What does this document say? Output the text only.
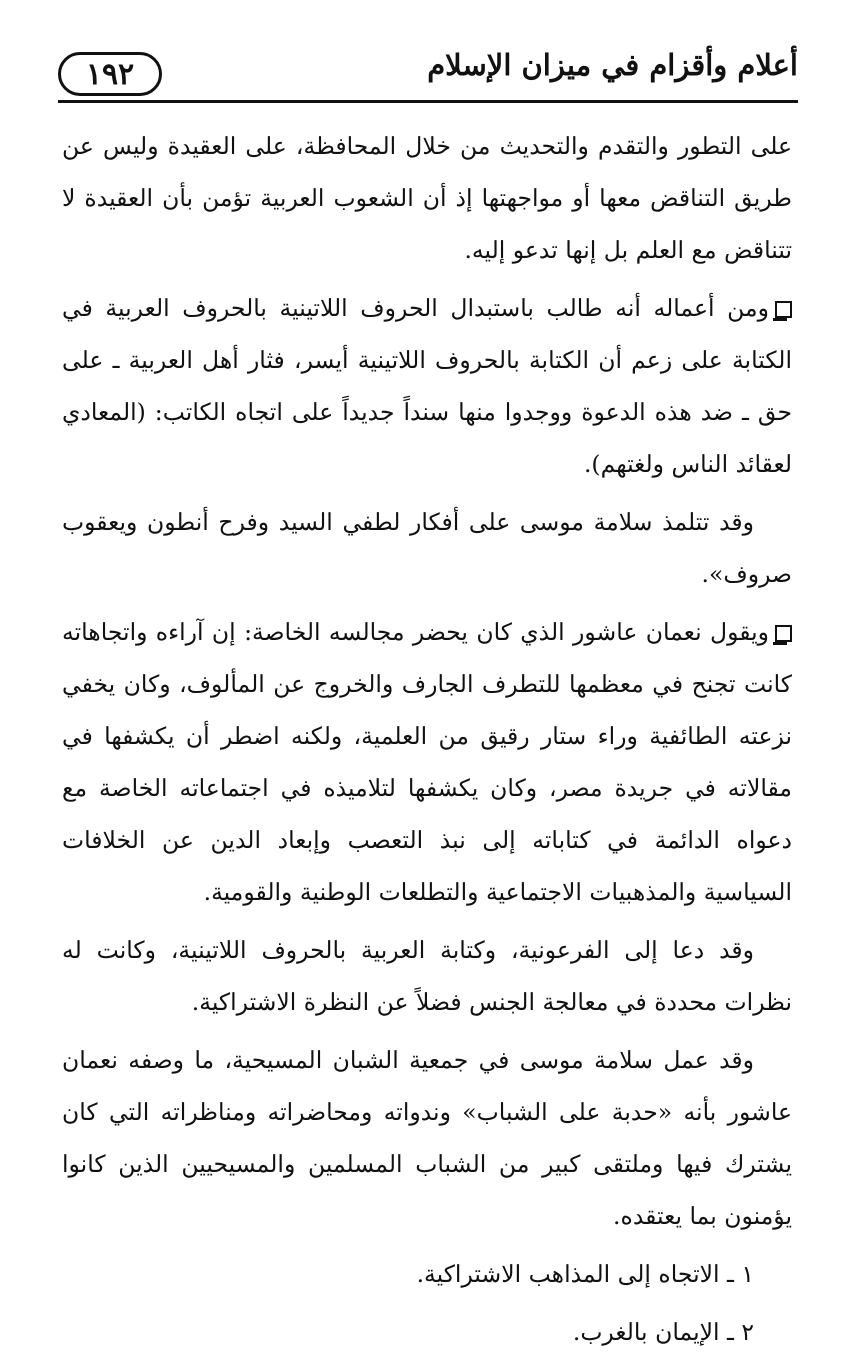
أعلام وأقزام في ميزان الإسلام
١٩٢

على التطور والتقدم والتحديث من خلال المحافظة، على العقيدة وليس عن طريق التناقض معها أو مواجهتها إذ أن الشعوب العربية تؤمن بأن العقيدة لا تتناقض مع العلم بل إنها تدعو إليه.

ومن أعماله أنه طالب باستبدال الحروف اللاتينية بالحروف العربية في الكتابة على زعم أن الكتابة بالحروف اللاتينية أيسر، فثار أهل العربية ـ على حق ـ ضد هذه الدعوة ووجدوا منها سنداً جديداً على اتجاه الكاتب: (المعادي لعقائد الناس ولغتهم).

وقد تتلمذ سلامة موسى على أفكار لطفي السيد وفرح أنطون ويعقوب صروف».

ويقول نعمان عاشور الذي كان يحضر مجالسه الخاصة: إن آراءه واتجاهاته كانت تجنح في معظمها للتطرف الجارف والخروج عن المألوف، وكان يخفي نزعته الطائفية وراء ستار رقيق من العلمية، ولكنه اضطر أن يكشفها في مقالاته في جريدة مصر، وكان يكشفها لتلاميذه في اجتماعاته الخاصة مع دعواه الدائمة في كتاباته إلى نبذ التعصب وإبعاد الدين عن الخلافات السياسية والمذهبيات الاجتماعية والتطلعات الوطنية والقومية.

وقد دعا إلى الفرعونية، وكتابة العربية بالحروف اللاتينية، وكانت له نظرات محددة في معالجة الجنس فضلاً عن النظرة الاشتراكية.

وقد عمل سلامة موسى في جمعية الشبان المسيحية، ما وصفه نعمان عاشور بأنه «حدبة على الشباب» وندواته ومحاضراته ومناظراته التي كان يشترك فيها وملتقى كبير من الشباب المسلمين والمسيحيين الذين كانوا يؤمنون بما يعتقده.

١ ـ الاتجاه إلى المذاهب الاشتراكية.

٢ ـ الإيمان بالغرب.
